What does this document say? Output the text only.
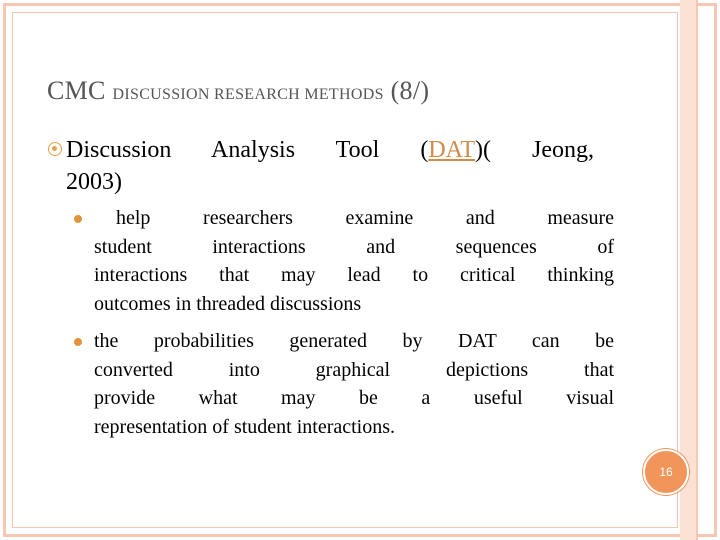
CMC DISCUSSION RESEARCH METHODS (8/)
Discussion Analysis Tool (DAT)( Jeong,
2003)
help researchers examine and measure
student interactions and sequences of
interactions that may lead to critical thinking
outcomes in threaded discussions
the probabilities generated by DAT can be
converted into graphical depictions that
provide what may be a useful visual
representation of student interactions.
16
